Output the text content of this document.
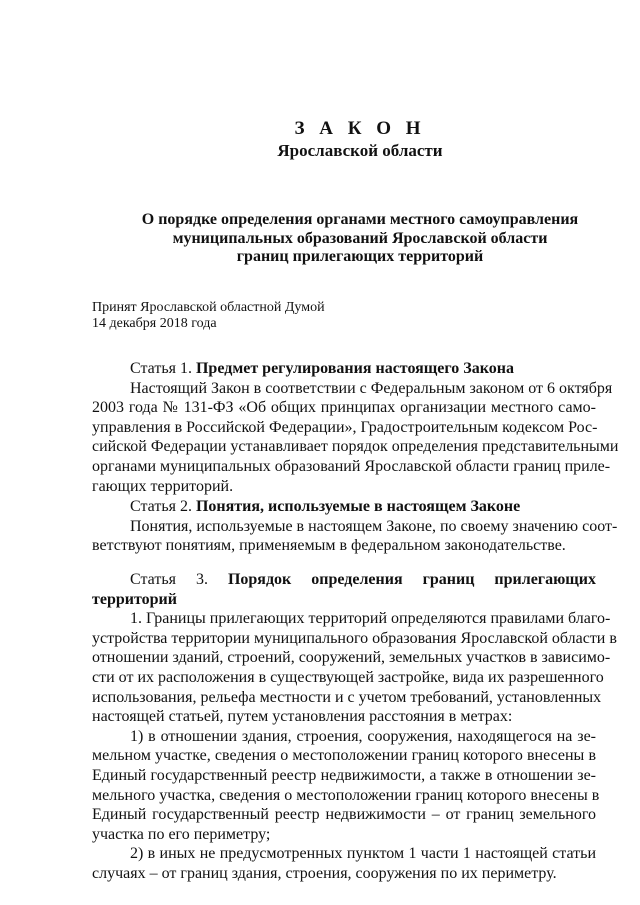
З А К О Н
Ярославской области
О порядке определения органами местного самоуправления
муниципальных образований Ярославской области
границ прилегающих территорий
Принят Ярославской областной Думой
14 декабря 2018 года

Статья 1. Предмет регулирования настоящего Закона

Настоящий Закон в соответствии с Федеральным законом от 6 октября
2003 года № 131-ФЗ «Об общих принципах организации местного само-
управления в Российской Федерации», Градостроительным кодексом Рос-
сийской Федерации устанавливает порядок определения представительными
органами муниципальных образований Ярославской области границ приле-
гающих территорий.

Статья 2. Понятия, используемые в настоящем Законе

Понятия, используемые в настоящем Законе, по своему значению соот-
ветствуют понятиям, применяемым в федеральном законодательстве.

Статья 3. Порядок определения границ прилегающих территорий

1. Границы прилегающих территорий определяются правилами благо-
устройства территории муниципального образования Ярославской области в
отношении зданий, строений, сооружений, земельных участков в зависимо-
сти от их расположения в существующей застройке, вида их разрешенного
использования, рельефа местности и с учетом требований, установленных
настоящей статьей, путем установления расстояния в метрах:
1) в отношении здания, строения, сооружения, находящегося на зе-
мельном участке, сведения о местоположении границ которого внесены в
Единый государственный реестр недвижимости, а также в отношении зе-
мельного участка, сведения о местоположении границ которого внесены в
Единый государственный реестр недвижимости – от границ земельного
участка по его периметру;
2) в иных не предусмотренных пунктом 1 части 1 настоящей статьи
случаях – от границ здания, строения, сооружения по их периметру.
